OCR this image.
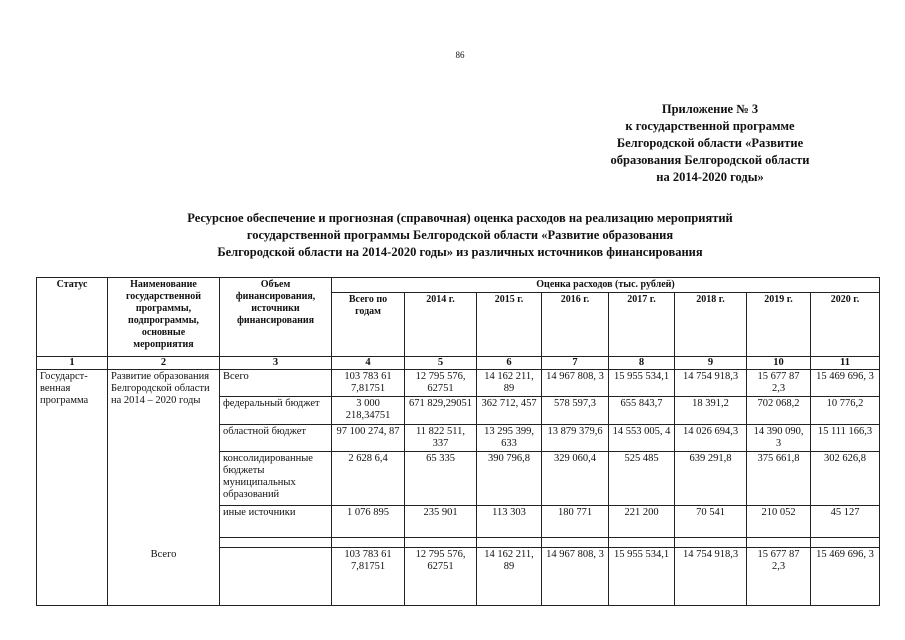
86
Приложение № 3
к государственной программе
Белгородской области «Развитие
образования Белгородской области
на 2014-2020 годы»
Ресурсное обеспечение и прогнозная (справочная) оценка расходов на реализацию мероприятий
государственной программы Белгородской области «Развитие образования
Белгородской области на 2014-2020 годы» из различных источников финансирования
Статус	Наименование государственной программы, подпрограммы, основные мероприятия	Объем финансирования, источники финансирования	Оценка расходов (тыс. рублей)							
			Всего по годам	2014 г.	2015 г.	2016 г.	2017 г.	2018 г.	2019 г.	2020 г.
1	2	3	4	5	6	7	8	9	10	11
Государст-венная программа	Развитие образования Белгородской области на 2014 – 2020 годы	Всего	103 783 61 7,81751	12 795 576, 62751	14 162 211, 89	14 967 808, 3	15 955 534,1	14 754 918,3	15 677 87 2,3	15 469 696, 3
		федеральный бюджет	3 000 218,34751	671 829,29051	362 712, 457	578 597,3	655 843,7	18 391,2	702 068,2	10 776,2
		областной бюджет	97 100 274, 87	11 822 511, 337	13 295 399, 633	13 879 379,6	14 553 005, 4	14 026 694,3	14 390 090, 3	15 111 166,3
		консолидированные бюджеты муниципальных образований	2 628 6,4	65 335	390 796,8	329 060,4	525 485	639 291,8	375 661,8	302 626,8
		иные источники	1 076 895	235 901	113 303	180 771	221 200	70 541	210 052	45 127

	Всего		103 783 61 7,81751	12 795 576, 62751	14 162 211, 89	14 967 808, 3	15 955 534,1	14 754 918,3	15 677 87 2,3	15 469 696, 3
